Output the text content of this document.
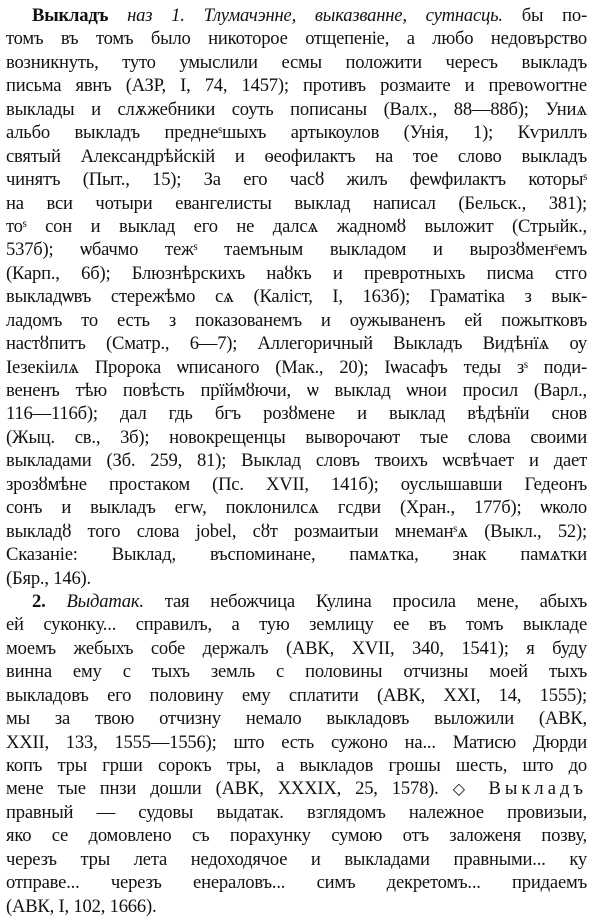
Выкладъ наз 1. Тлумачэнне, выказванне, сутнасць. бы по-
томъ въ томъ было никоторое отщепеніе, а любо недовърство
возникнуть, туто умыслили есмы положити чересъ выкладъ
письма явнъ (АЗР, I, 74, 1457); противъ розмаите и превоworтне
выклады и слѫжебники соуть пописаны (Валх., 88—88б); Униѧ
альбо выкладъ преднеˢшыхъ артыкоулов (Унія, 1); Кѵриллъ
святый Александрѣйскій и ѳеофилактъ на тое слово выкладъ
чинятъ (Пыт., 15); За его часȣ жилъ феѡфилактъ которыˢ
на вси чотыри евангелисты выклад написал (Бельск., 381);
тоˢ сон и выклад его не далсѧ жадномȣ выложит (Стрыйк.,
537б); ѡбачмо тежˢ таемъным выкладом и вырозȣменˢемъ
(Карп., 6б); Блюзнѣрскихъ наȣкъ и превротныхъ писма стго
выкладѡвъ стережѣмо сѧ (Каліст, I, 163б); Граматіка з вык-
ладомъ то есть з показованемъ и оужываненъ ей пожытковъ
настȣпитъ (Сматр., 6—7); Аллегоричный Выкладъ Видѣнїѧ оу
Iезекіилѧ Пророка ѡписаного (Мак., 20); Iѡасафъ теды зˢ поди-
вененъ тѣю повѣсть прїймȣючи, ѡ выклад ѡнои просил (Варл.,
116—116б); дал гдь бгъ розȣмене и выклад вѣдѣнїи снов
(Жыц. св., 3б); новокрещенцы выворочают тые слова своими
выкладами (Зб. 259, 81); Выклад словъ твоихъ ѡсвѣчает и дает
зрозȣмѣне простаком (Пс. XVII, 141б); оуслышавши Гедеонъ
сонъ и выкладъ егw, поклонилсѧ гсдви (Хран., 177б); ѡколо
выкладȣ того слова jobel, сȣт розмаитыи мнеманˢѧ (Выкл., 52);
Сказаніе: Выклад, въспоминане, памѧтка, знак памѧтки
(Бяр., 146).
2. Выдатак. тая небожчица Кулина просила мене, абыхъ
ей суконку... справилъ, а тую землицу ее въ томъ выкладе
моемъ жебыхъ собе держалъ (АВК, XVII, 340, 1541); я буду
винна ему с тыхъ земль с половины отчизны моей тыхъ
выкладовъ его половину ему сплатити (АВК, XXI, 14, 1555);
мы за твою отчизну немало выкладовъ выложили (АВК,
XXII, 133, 1555—1556); што есть сужоно на... Матисю Дюрди
копъ тры грши сорокъ тры, а выкладов грошы шесть, што до
мене тые пнзи дошли (АВК, XXXIX, 25, 1578). ◇ Выкладъ
правный — судовы выдатак. взглядомъ належное провизыи,
яко се домовлено съ порахунку сумою отъ заложеня позву,
черезъ тры лета недоходячое и выкладами правными... ку
отправе... черезъ енераловъ... симъ декретомъ... придаемъ
(АВК, I, 102, 1666).
